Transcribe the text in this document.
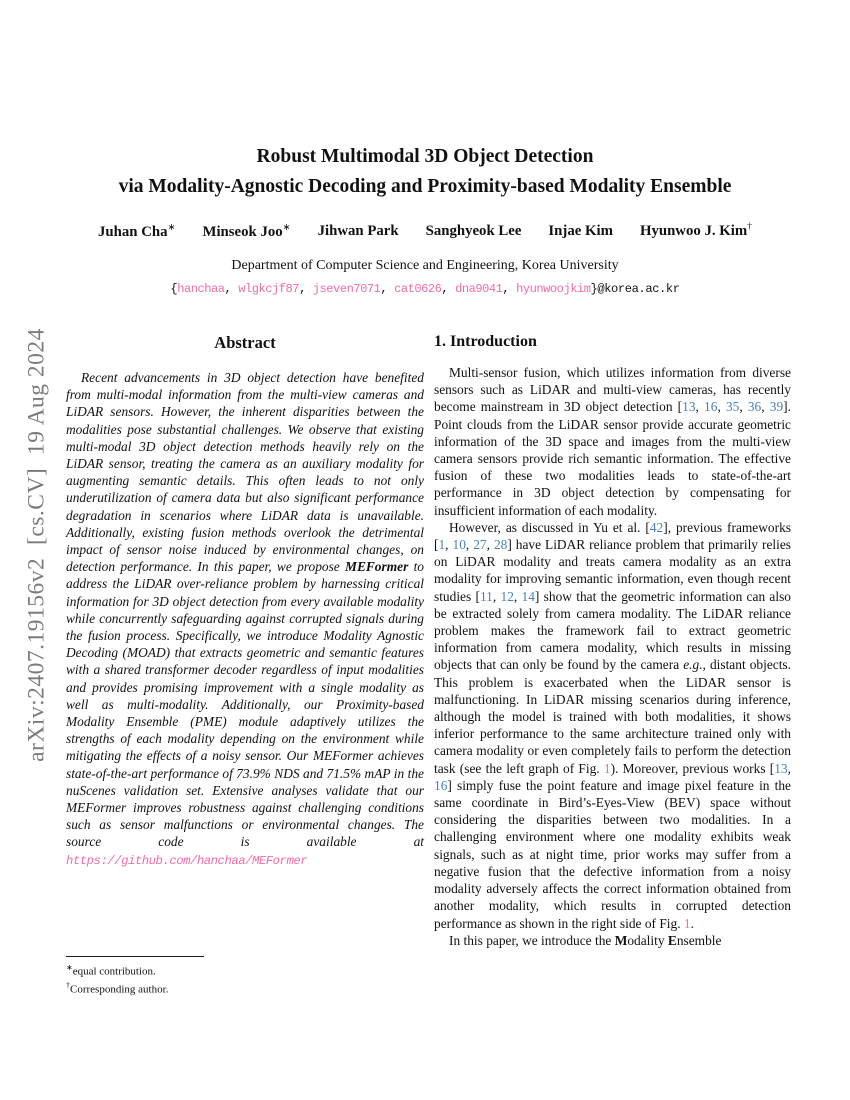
arXiv:2407.19156v2  [cs.CV]  19 Aug 2024
Robust Multimodal 3D Object Detection
via Modality-Agnostic Decoding and Proximity-based Modality Ensemble
Juhan Cha∗ Minseok Joo∗ Jihwan Park Sanghyeok Lee Injae Kim Hyunwoo J. Kim†
Department of Computer Science and Engineering, Korea University
{hanchaa, wlgkcjf87, jseven7071, cat0626, dna9041, hyunwoojkim}@korea.ac.kr
Abstract

Recent advancements in 3D object detection have benefited from multi-modal information from the multi-view cameras and LiDAR sensors. However, the inherent disparities between the modalities pose substantial challenges. We observe that existing multi-modal 3D object detection methods heavily rely on the LiDAR sensor, treating the camera as an auxiliary modality for augmenting semantic details. This often leads to not only underutilization of camera data but also significant performance degradation in scenarios where LiDAR data is unavailable. Additionally, existing fusion methods overlook the detrimental impact of sensor noise induced by environmental changes, on detection performance. In this paper, we propose MEFormer to address the LiDAR over-reliance problem by harnessing critical information for 3D object detection from every available modality while concurrently safeguarding against corrupted signals during the fusion process. Specifically, we introduce Modality Agnostic Decoding (MOAD) that extracts geometric and semantic features with a shared transformer decoder regardless of input modalities and provides promising improvement with a single modality as well as multi-modality. Additionally, our Proximity-based Modality Ensemble (PME) module adaptively utilizes the strengths of each modality depending on the environment while mitigating the effects of a noisy sensor. Our MEFormer achieves state-of-the-art performance of 73.9% NDS and 71.5% mAP in the nuScenes validation set. Extensive analyses validate that our MEFormer improves robustness against challenging conditions such as sensor malfunctions or environmental changes. The source code is available at https://github.com/hanchaa/MEFormer

1. Introduction

Multi-sensor fusion, which utilizes information from diverse sensors such as LiDAR and multi-view cameras, has recently become mainstream in 3D object detection [13, 16, 35, 36, 39]. Point clouds from the LiDAR sensor provide accurate geometric information of the 3D space and images from the multi-view camera sensors provide rich semantic information. The effective fusion of these two modalities leads to state-of-the-art performance in 3D object detection by compensating for insufficient information of each modality.

However, as discussed in Yu et al. [42], previous frameworks [1, 10, 27, 28] have LiDAR reliance problem that primarily relies on LiDAR modality and treats camera modality as an extra modality for improving semantic information, even though recent studies [11, 12, 14] show that the geometric information can also be extracted solely from camera modality. The LiDAR reliance problem makes the framework fail to extract geometric information from camera modality, which results in missing objects that can only be found by the camera e.g., distant objects. This problem is exacerbated when the LiDAR sensor is malfunctioning. In LiDAR missing scenarios during inference, although the model is trained with both modalities, it shows inferior performance to the same architecture trained only with camera modality or even completely fails to perform the detection task (see the left graph of Fig. 1). Moreover, previous works [13, 16] simply fuse the point feature and image pixel feature in the same coordinate in Bird’s-Eyes-View (BEV) space without considering the disparities between two modalities. In a challenging environment where one modality exhibits weak signals, such as at night time, prior works may suffer from a negative fusion that the defective information from a noisy modality adversely affects the correct information obtained from another modality, which results in corrupted detection performance as shown in the right side of Fig. 1.

In this paper, we introduce the Modality Ensemble

∗equal contribution.
†Corresponding author.
